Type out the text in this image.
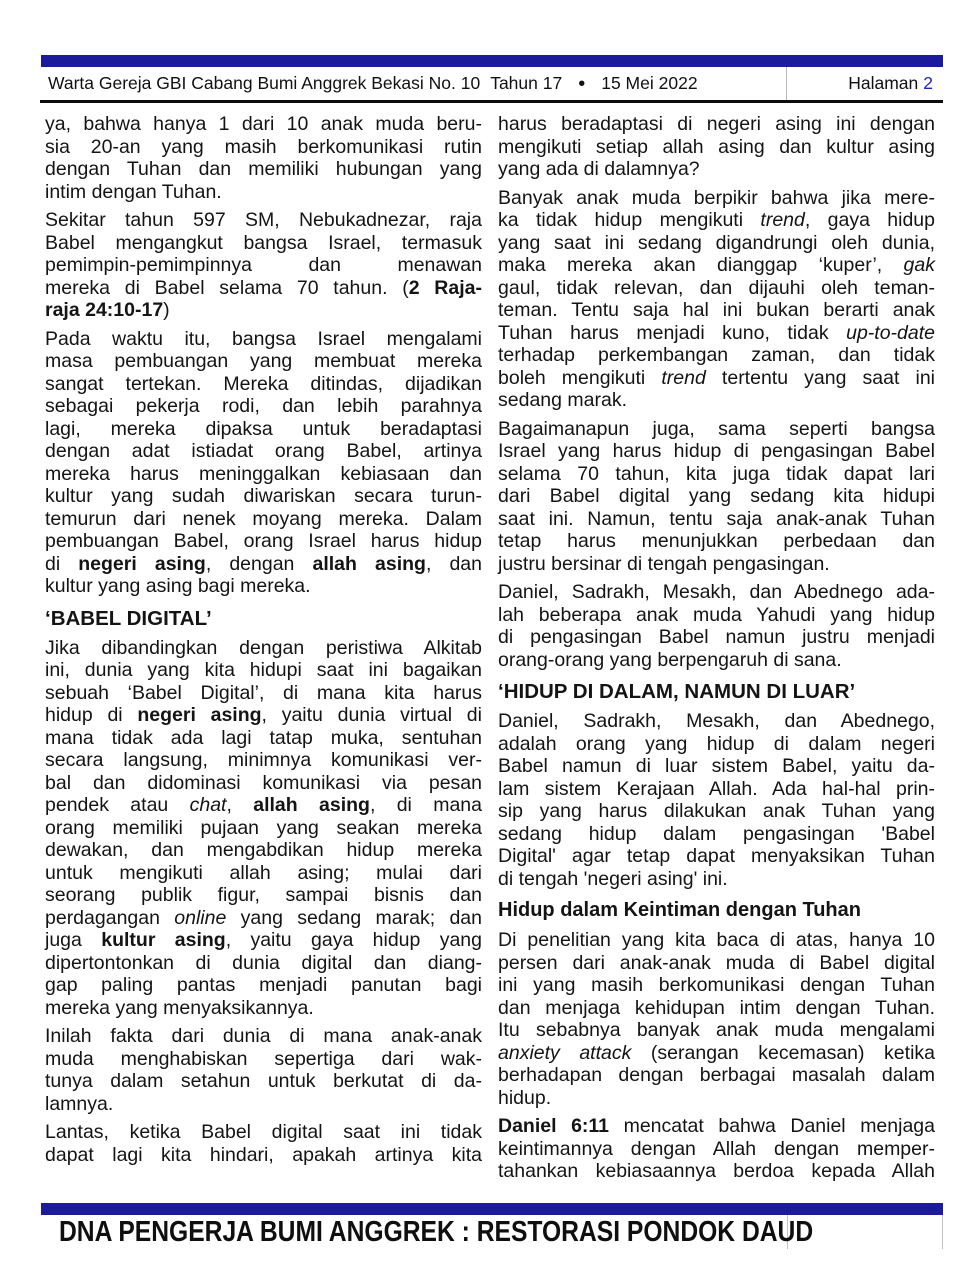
Warta Gereja GBI Cabang Bumi Anggrek Bekasi No. 10 Tahun 17 • 15 Mei 2022	Halaman 2
ya, bahwa hanya 1 dari 10 anak muda beru-
sia 20-an yang masih berkomunikasi rutin
dengan Tuhan dan memiliki hubungan yang
intim dengan Tuhan.
Sekitar tahun 597 SM, Nebukadnezar, raja
Babel mengangkut bangsa Israel, termasuk
pemimpin-pemimpinnya dan menawan
mereka di Babel selama 70 tahun. (2 Raja-
raja 24:10-17)
Pada waktu itu, bangsa Israel mengalami
masa pembuangan yang membuat mereka
sangat tertekan. Mereka ditindas, dijadikan
sebagai pekerja rodi, dan lebih parahnya
lagi, mereka dipaksa untuk beradaptasi
dengan adat istiadat orang Babel, artinya
mereka harus meninggalkan kebiasaan dan
kultur yang sudah diwariskan secara turun-
temurun dari nenek moyang mereka. Dalam
pembuangan Babel, orang Israel harus hidup
di negeri asing, dengan allah asing, dan
kultur yang asing bagi mereka.
‘BABEL DIGITAL’
Jika dibandingkan dengan peristiwa Alkitab
ini, dunia yang kita hidupi saat ini bagaikan
sebuah ‘Babel Digital’, di mana kita harus
hidup di negeri asing, yaitu dunia virtual di
mana tidak ada lagi tatap muka, sentuhan
secara langsung, minimnya komunikasi ver-
bal dan didominasi komunikasi via pesan
pendek atau chat, allah asing, di mana
orang memiliki pujaan yang seakan mereka
dewakan, dan mengabdikan hidup mereka
untuk mengikuti allah asing; mulai dari
seorang publik figur, sampai bisnis dan
perdagangan online yang sedang marak; dan
juga kultur asing, yaitu gaya hidup yang
dipertontonkan di dunia digital dan diang-
gap paling pantas menjadi panutan bagi
mereka yang menyaksikannya.
Inilah fakta dari dunia di mana anak-anak
muda menghabiskan sepertiga dari wak-
tunya dalam setahun untuk berkutat di da-
lamnya.
Lantas, ketika Babel digital saat ini tidak
dapat lagi kita hindari, apakah artinya kita
harus beradaptasi di negeri asing ini dengan
mengikuti setiap allah asing dan kultur asing
yang ada di dalamnya?
Banyak anak muda berpikir bahwa jika mere-
ka tidak hidup mengikuti trend, gaya hidup
yang saat ini sedang digandrungi oleh dunia,
maka mereka akan dianggap ‘kuper’, gak
gaul, tidak relevan, dan dijauhi oleh teman-
teman. Tentu saja hal ini bukan berarti anak
Tuhan harus menjadi kuno, tidak up-to-date
terhadap perkembangan zaman, dan tidak
boleh mengikuti trend tertentu yang saat ini
sedang marak.
Bagaimanapun juga, sama seperti bangsa
Israel yang harus hidup di pengasingan Babel
selama 70 tahun, kita juga tidak dapat lari
dari Babel digital yang sedang kita hidupi
saat ini. Namun, tentu saja anak-anak Tuhan
tetap harus menunjukkan perbedaan dan
justru bersinar di tengah pengasingan.
Daniel, Sadrakh, Mesakh, dan Abednego ada-
lah beberapa anak muda Yahudi yang hidup
di pengasingan Babel namun justru menjadi
orang-orang yang berpengaruh di sana.
‘HIDUP DI DALAM, NAMUN DI LUAR’
Daniel, Sadrakh, Mesakh, dan Abednego,
adalah orang yang hidup di dalam negeri
Babel namun di luar sistem Babel, yaitu da-
lam sistem Kerajaan Allah. Ada hal-hal prin-
sip yang harus dilakukan anak Tuhan yang
sedang hidup dalam pengasingan 'Babel
Digital' agar tetap dapat menyaksikan Tuhan
di tengah 'negeri asing' ini.
Hidup dalam Keintiman dengan Tuhan
Di penelitian yang kita baca di atas, hanya 10
persen dari anak-anak muda di Babel digital
ini yang masih berkomunikasi dengan Tuhan
dan menjaga kehidupan intim dengan Tuhan.
Itu sebabnya banyak anak muda mengalami
anxiety attack (serangan kecemasan) ketika
berhadapan dengan berbagai masalah dalam
hidup.
Daniel 6:11 mencatat bahwa Daniel menjaga
keintimannya dengan Allah dengan memper-
tahankan kebiasaannya berdoa kepada Allah
DNA PENGERJA BUMI ANGGREK : RESTORASI PONDOK DAUD
